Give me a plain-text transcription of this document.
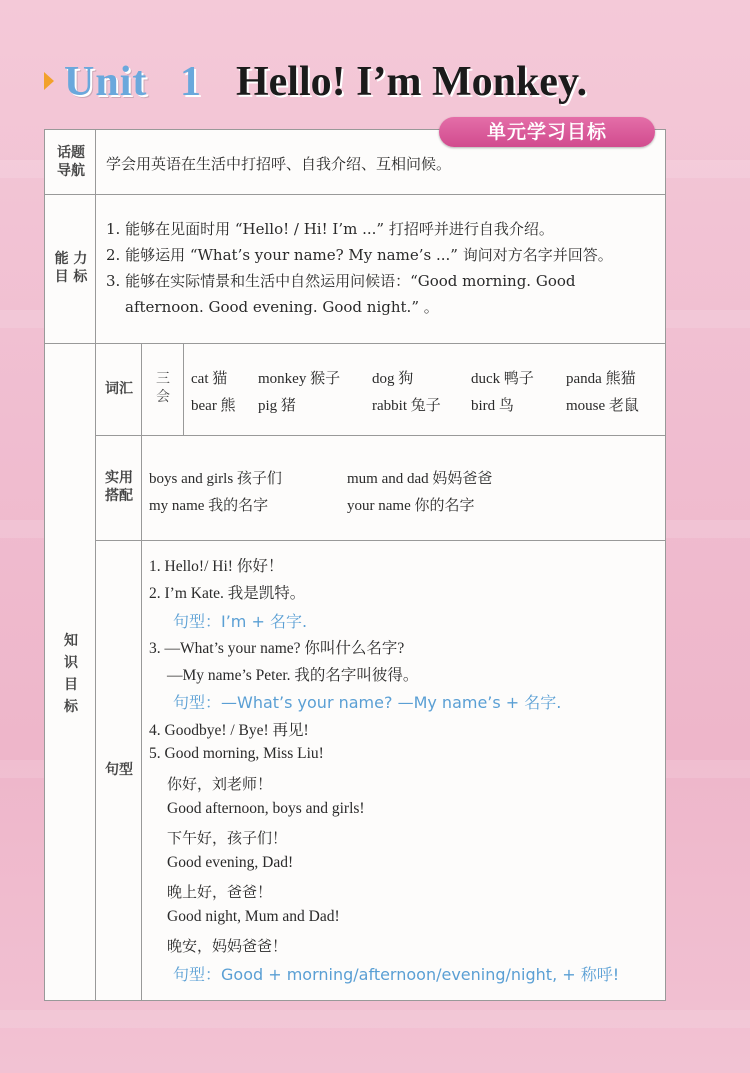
Unit 1 Hello! I’m Monkey.
话题
导航 学会用英语在生活中打招呼、自我介绍、互相问候。
能 力
目 标
1. 能够在见面时用 “Hello! / Hi! I’m ...” 打招呼并进行自我介绍。
2. 能够运用 “What’s your name? My name’s ...” 询问对方名字并回答。
3. 能够在实际情景和生活中自然运用问候语：“Good morning. Good
afternoon. Good evening. Good night.” 。
知
识
目
标
词汇
三
会
cat 猫 monkey 猴子 dog 狗	duck 鸭子 panda 熊猫
bear 熊 pig 猪	rabbit 兔子 bird 鸟	mouse 老鼠
实用
搭配
boys and girls 孩子们	mum and dad 妈妈爸爸
my name 我的名字	your name 你的名字
句型
1. Hello!/ Hi! 你好！
2. I’m Kate. 我是凯特。
句型：I’m + 名字.
3. —What’s your name? 你叫什么名字?
—My name’s Peter. 我的名字叫彼得。
句型：—What’s your name? —My name’s + 名字.
4. Goodbye! / Bye! 再见!
5. Good morning, Miss Liu!
你好，刘老师！
Good afternoon, boys and girls!
下午好，孩子们！
Good evening, Dad!
晚上好，爸爸！
Good night, Mum and Dad!
晚安，妈妈爸爸！
句型：Good + morning/afternoon/evening/night, + 称呼!
单元学习目标
